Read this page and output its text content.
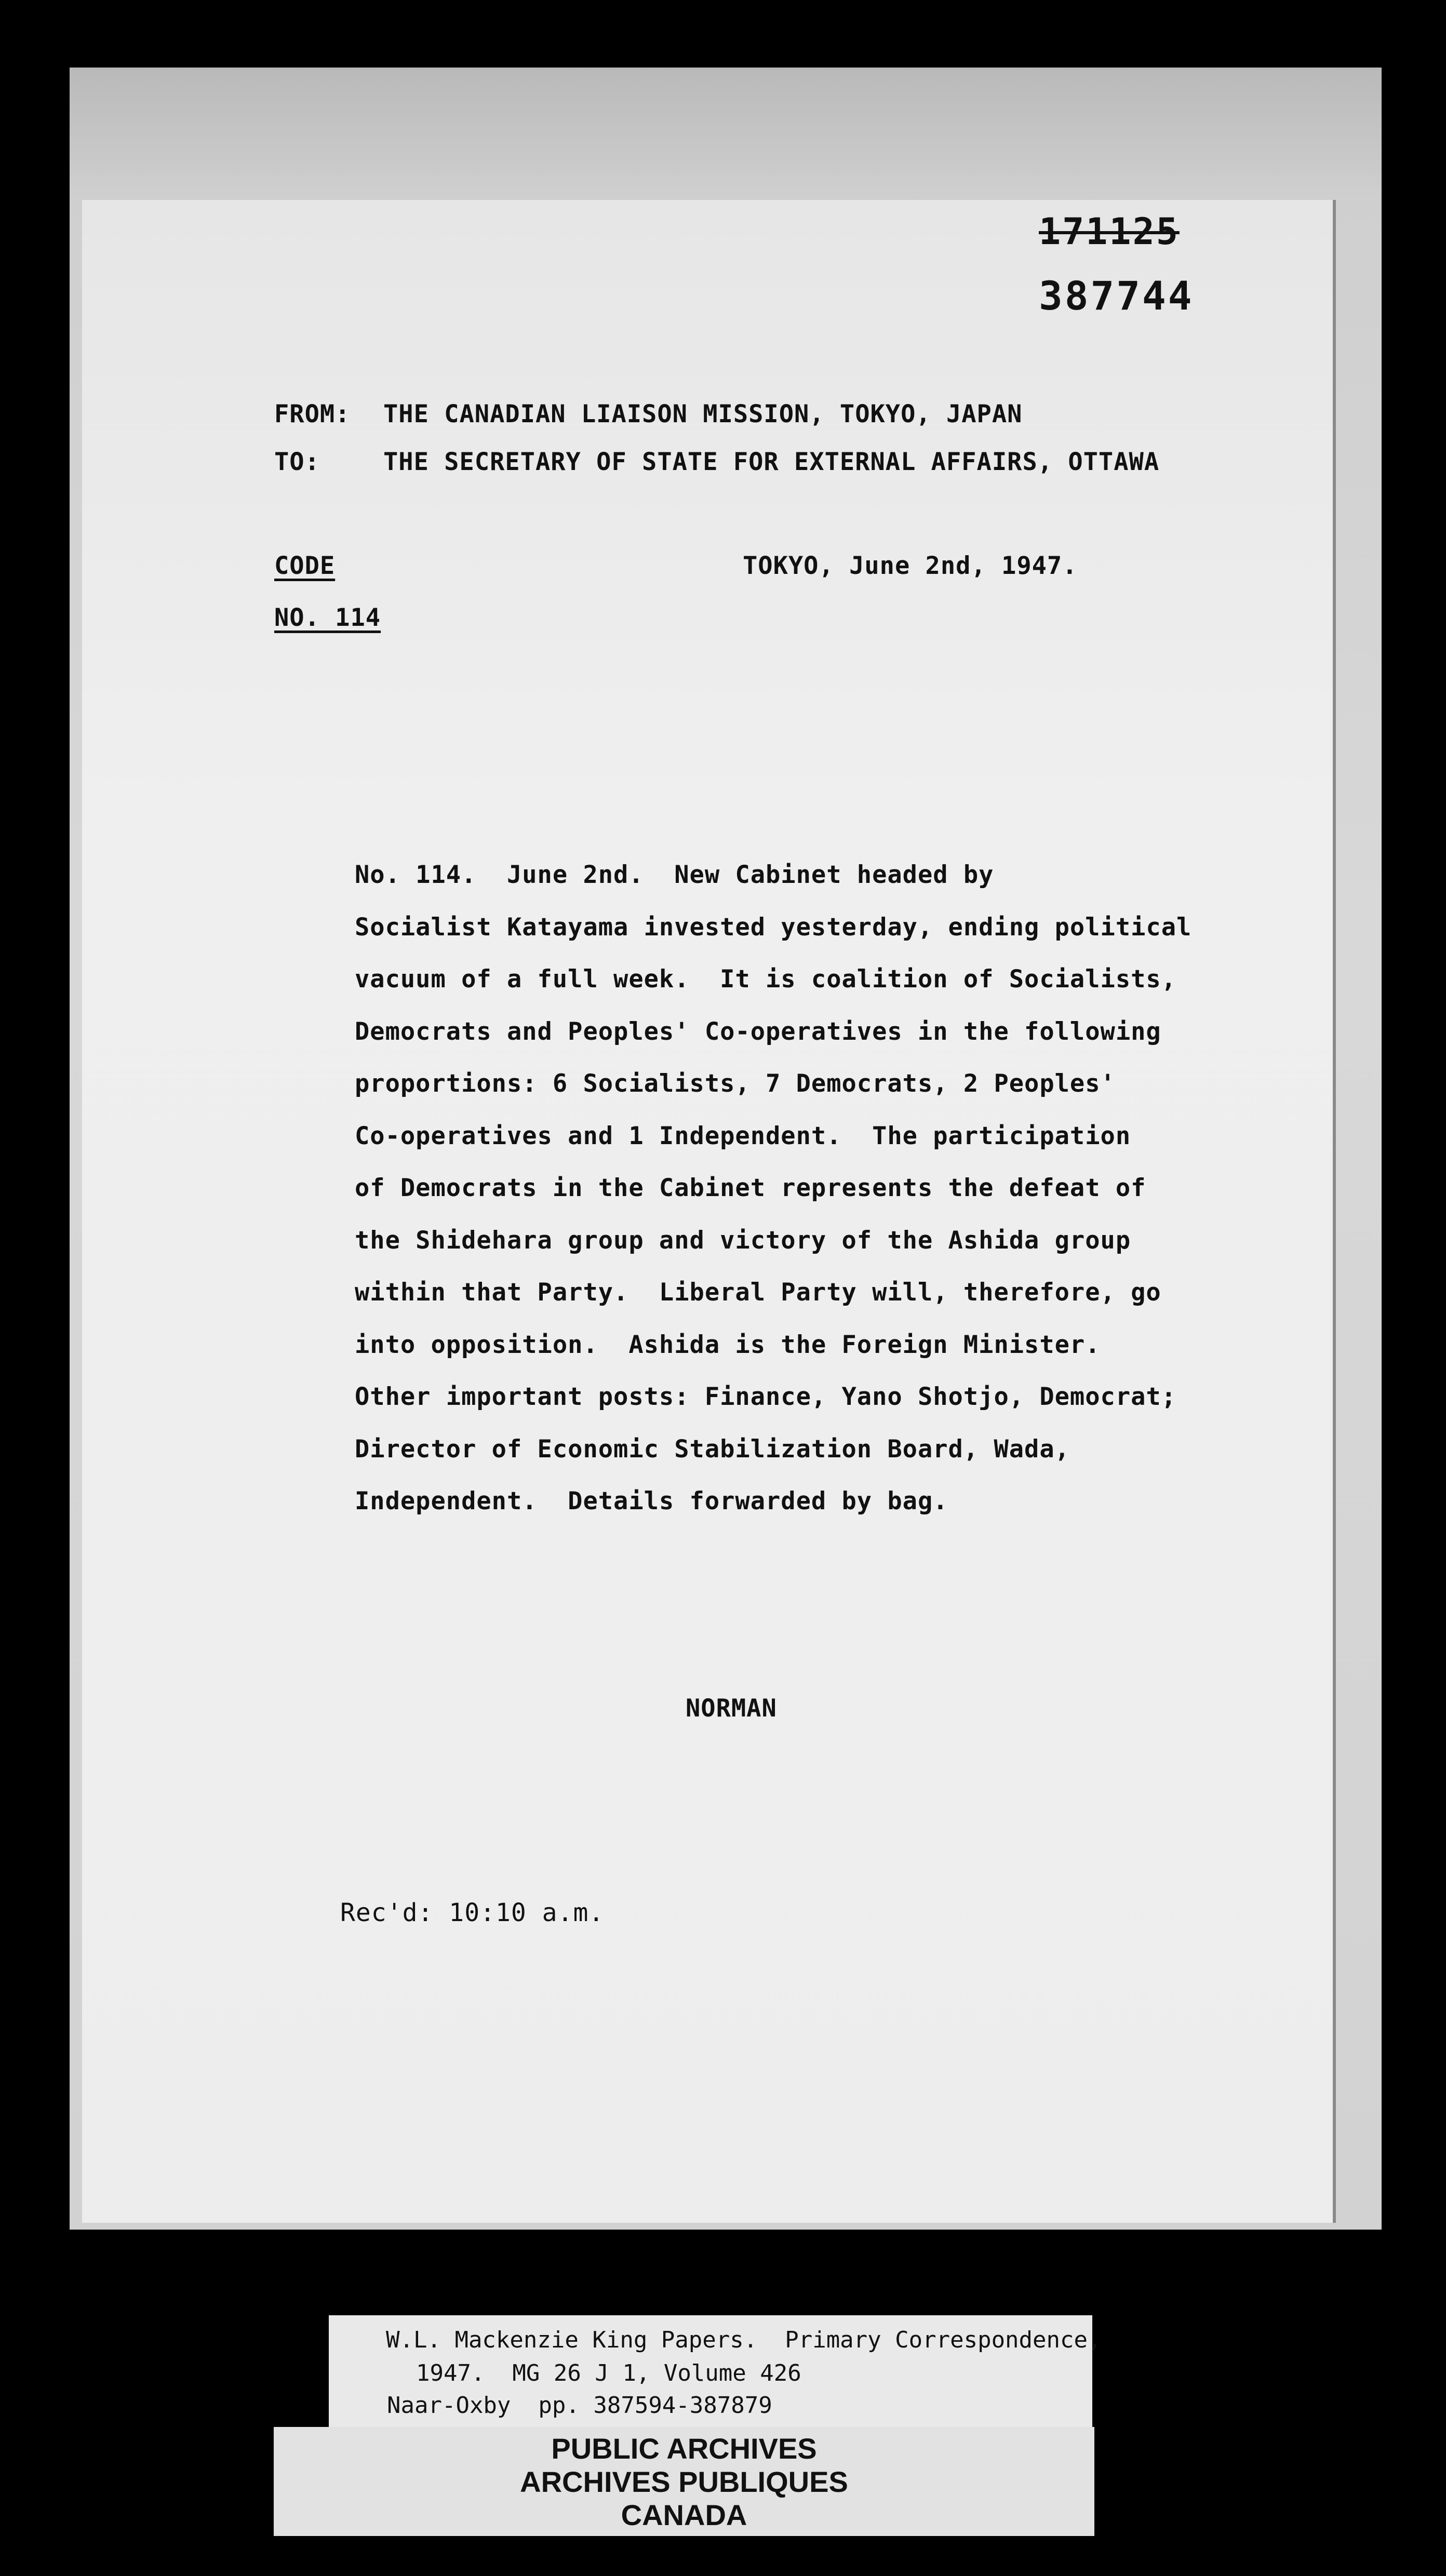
171125
387744
FROM: THE CANADIAN LIAISON MISSION, TOKYO, JAPAN
TO:	THE SECRETARY OF STATE FOR EXTERNAL AFFAIRS, OTTAWA
CODE
NO. 114
TOKYO, June 2nd, 1947.
No. 114.  June 2nd.  New Cabinet headed by
Socialist Katayama invested yesterday, ending political
vacuum of a full week.  It is coalition of Socialists,
Democrats and Peoples' Co-operatives in the following
proportions: 6 Socialists, 7 Democrats, 2 Peoples'
Co-operatives and 1 Independent.  The participation
of Democrats in the Cabinet represents the defeat of
the Shidehara group and victory of the Ashida group
within that Party.  Liberal Party will, therefore, go
into opposition.  Ashida is the Foreign Minister.
Other important posts: Finance, Yano Shotjo, Democrat;
Director of Economic Stabilization Board, Wada,
Independent.  Details forwarded by bag.
NORMAN
Rec'd: 10:10 a.m.
W.L. Mackenzie King Papers.  Primary Correspondence,
1947.  MG 26 J 1, Volume 426
Naar-Oxby  pp. 387594-387879
PUBLIC ARCHIVES
ARCHIVES PUBLIQUES
CANADA
